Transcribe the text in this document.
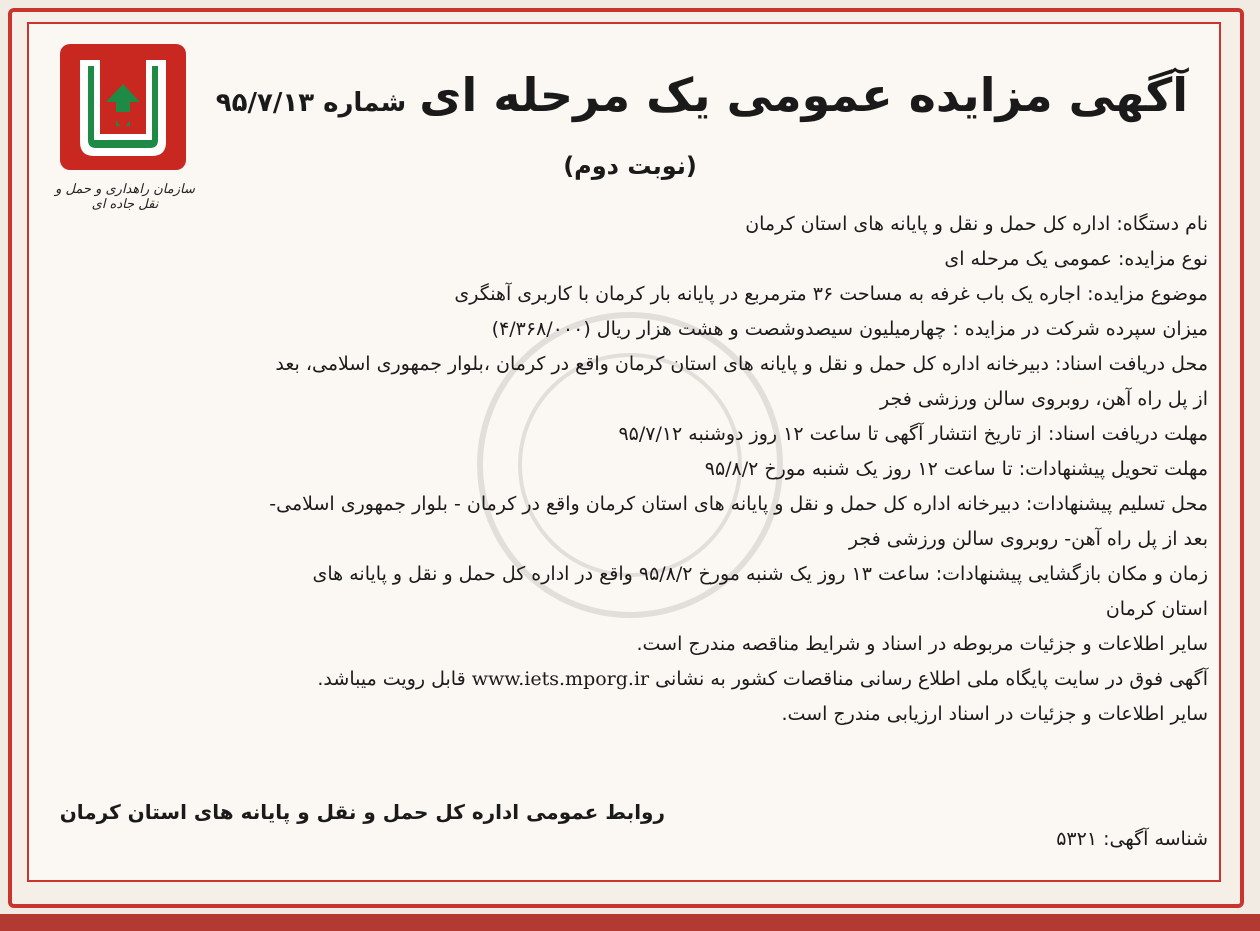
سازمان راهداری و حمل و نقل جاده ای
آگهی مزایده عمومی یک مرحله ای شماره ۹۵/۷/۱۳
(نوبت دوم)
نام دستگاه: اداره کل حمل و نقل و پایانه های استان کرمان
نوع مزایده: عمومی یک مرحله ای
موضوع مزایده: اجاره یک باب غرفه به مساحت ۳۶ مترمربع در پایانه بار کرمان با کاربری آهنگری
میزان سپرده شرکت در مزایده : چهارمیلیون سیصدوشصت و هشت هزار ریال (۴/۳۶۸/۰۰۰)
محل دریافت اسناد: دبیرخانه اداره کل حمل و نقل و پایانه های استان کرمان واقع در کرمان ،بلوار جمهوری اسلامی، بعد
از پل راه آهن، روبروی سالن ورزشی فجر
مهلت دریافت اسناد: از تاریخ انتشار آگهی تا ساعت ۱۲ روز دوشنبه ۹۵/۷/۱۲
مهلت تحویل پیشنهادات: تا ساعت ۱۲ روز یک شنبه مورخ ۹۵/۸/۲
محل تسلیم پیشنهادات: دبیرخانه اداره کل حمل و نقل و پایانه های استان کرمان واقع در کرمان - بلوار جمهوری اسلامی-
بعد از پل راه آهن- روبروی سالن ورزشی فجر
زمان و مکان بازگشایی پیشنهادات: ساعت ۱۳ روز یک شنبه مورخ ۹۵/۸/۲ واقع در اداره کل حمل و نقل و پایانه های
استان کرمان
سایر اطلاعات و جزئیات مربوطه در اسناد و شرایط مناقصه مندرج است.
آگهی فوق در سایت پایگاه ملی اطلاع رسانی مناقصات کشور به نشانی www.iets.mporg.ir قابل رویت میباشد.
سایر اطلاعات و جزئیات در اسناد ارزیابی مندرج است.
روابط عمومی اداره کل حمل و نقل و پایانه های استان کرمان
شناسه آگهی: ۵۳۲۱
